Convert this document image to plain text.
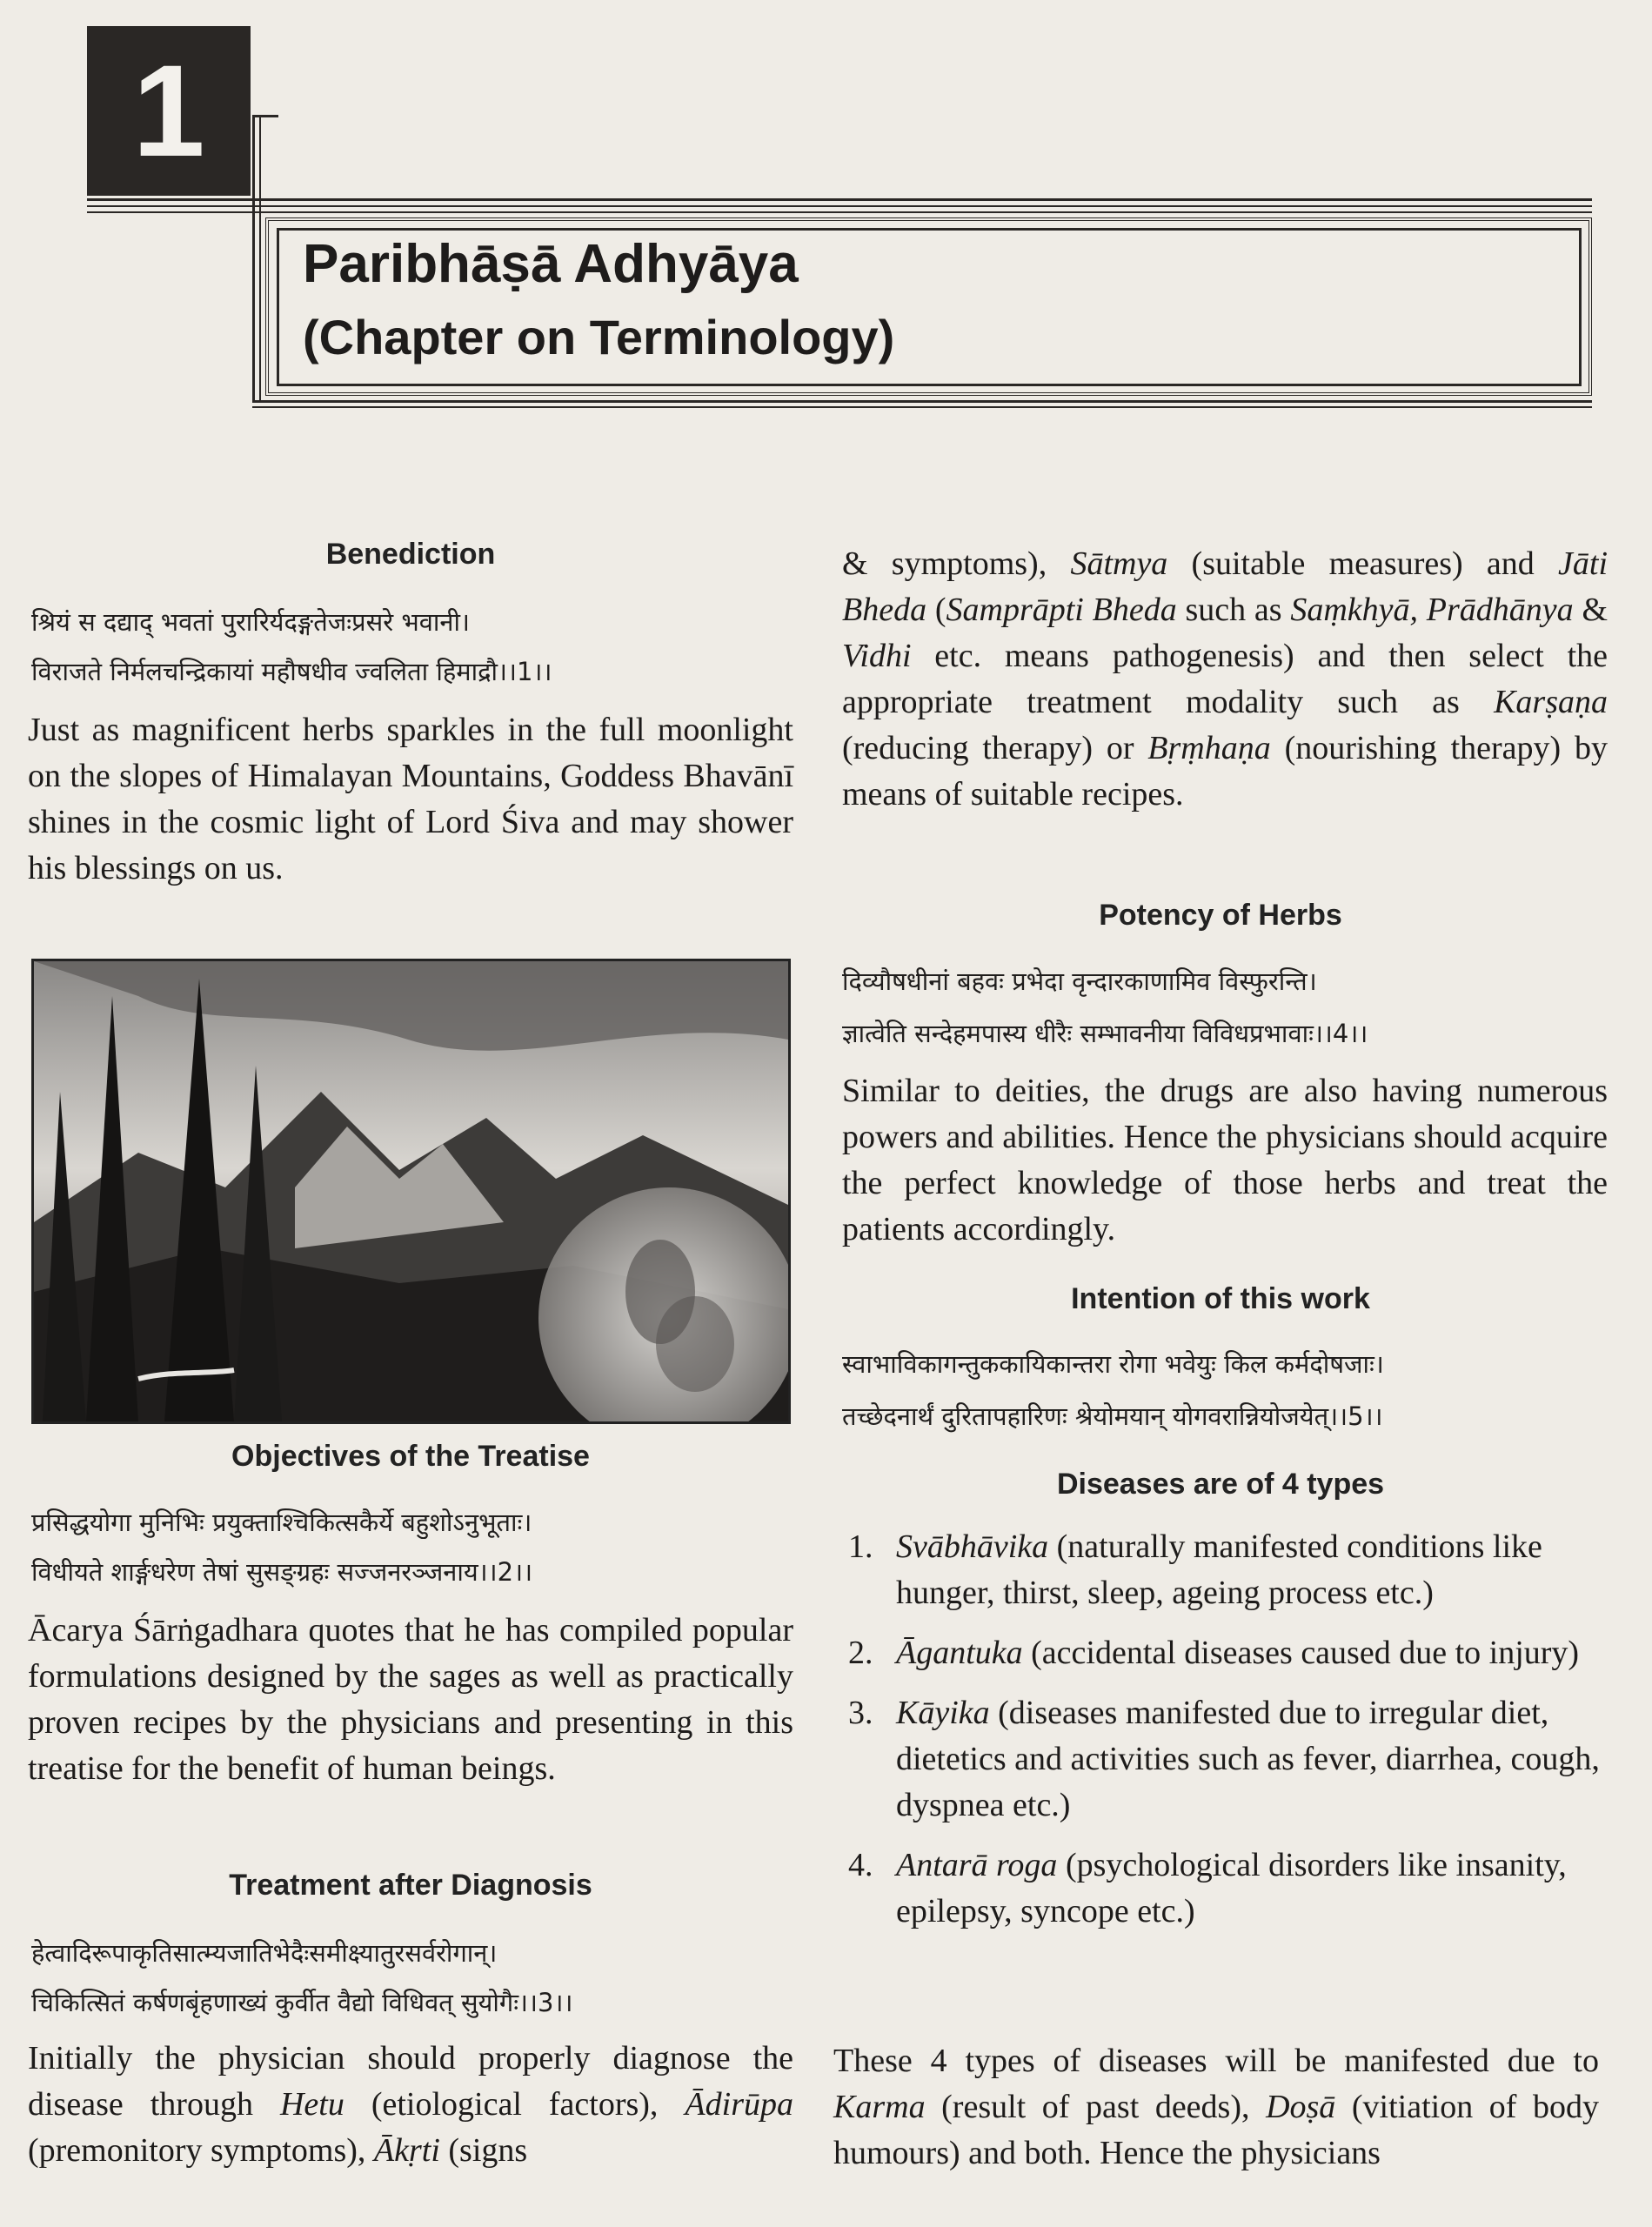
1
Paribhāṣā Adhyāya
(Chapter on Terminology)
Benediction
श्रियं स दद्याद् भवतां पुरारिर्यदङ्गतेजःप्रसरे भवानी।
विराजते निर्मलचन्द्रिकायां महौषधीव ज्वलिता हिमाद्रौ।।1।।
Just as magnificent herbs sparkles in the full moonlight on the slopes of Himalayan Mountains, Goddess Bhavānī shines in the cosmic light of Lord Śiva and may shower his blessings on us.
Objectives of the Treatise
प्रसिद्धयोगा मुनिभिः प्रयुक्ताश्चिकित्सकैर्ये बहुशोऽनुभूताः।
विधीयते शार्ङ्गधरेण तेषां सुसङ्ग्रहः सज्जनरञ्जनाय।।2।।
Ācarya Śārṅgadhara quotes that he has compiled popular formulations designed by the sages as well as practically proven recipes by the physicians and presenting in this treatise for the benefit of human beings.
Treatment after Diagnosis
हेत्वादिरूपाकृतिसात्म्यजातिभेदैःसमीक्ष्यातुरसर्वरोगान्।
चिकित्सितं कर्षणबृंहणाख्यं कुर्वीत वैद्यो विधिवत् सुयोगैः।।3।।
Initially the physician should properly diagnose the disease through Hetu (etiological factors), Ādirūpa (premonitory symptoms), Ākṛti (signs
& symptoms), Sātmya (suitable measures) and Jāti Bheda (Samprāpti Bheda such as Saṃkhyā, Prādhānya & Vidhi etc. means pathogenesis) and then select the appropriate treatment modality such as Karṣaṇa (reducing therapy) or Bṛṃhaṇa (nourishing therapy) by means of suitable recipes.
Potency of Herbs
दिव्यौषधीनां बहवः प्रभेदा वृन्दारकाणामिव विस्फुरन्ति।
ज्ञात्वेति सन्देहमपास्य धीरैः सम्भावनीया विविधप्रभावाः।।4।।
Similar to deities, the drugs are also having numerous powers and abilities. Hence the physicians should acquire the perfect knowledge of those herbs and treat the patients accordingly.
Intention of this work
स्वाभाविकागन्तुककायिकान्तरा रोगा भवेयुः किल कर्मदोषजाः।
तच्छेदनार्थं दुरितापहारिणः श्रेयोमयान् योगवरान्नियोजयेत्।।5।।
Diseases are of 4 types
1. Svābhāvika (naturally manifested conditions like hunger, thirst, sleep, ageing process etc.)
2. Āgantuka (accidental diseases caused due to injury)
3. Kāyika (diseases manifested due to irregular diet, dietetics and activities such as fever, diarrhea, cough, dyspnea etc.)
4. Antarā roga (psychological disorders like insanity, epilepsy, syncope etc.)
These 4 types of diseases will be manifested due to Karma (result of past deeds), Doṣā (vitiation of body humours) and both. Hence the physicians
